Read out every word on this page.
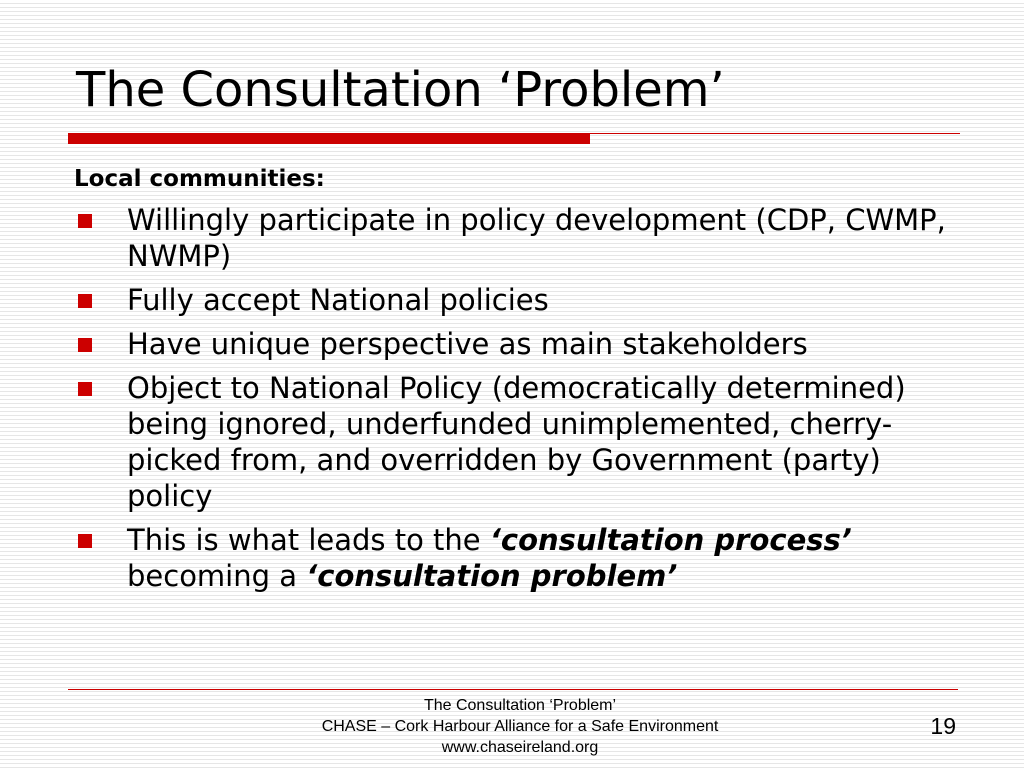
The Consultation ‘Problem’

Local communities:

Willingly participate in policy development (CDP, CWMP, NWMP)
Fully accept National policies
Have unique perspective as main stakeholders
Object to National Policy (democratically determined) being ignored, underfunded unimplemented, cherry-picked from, and overridden by Government (party) policy
This is what leads to the ‘consultation process’ becoming a ‘consultation problem’
The Consultation ‘Problem’
CHASE – Cork Harbour Alliance for a Safe Environment
www.chaseireland.org
19
